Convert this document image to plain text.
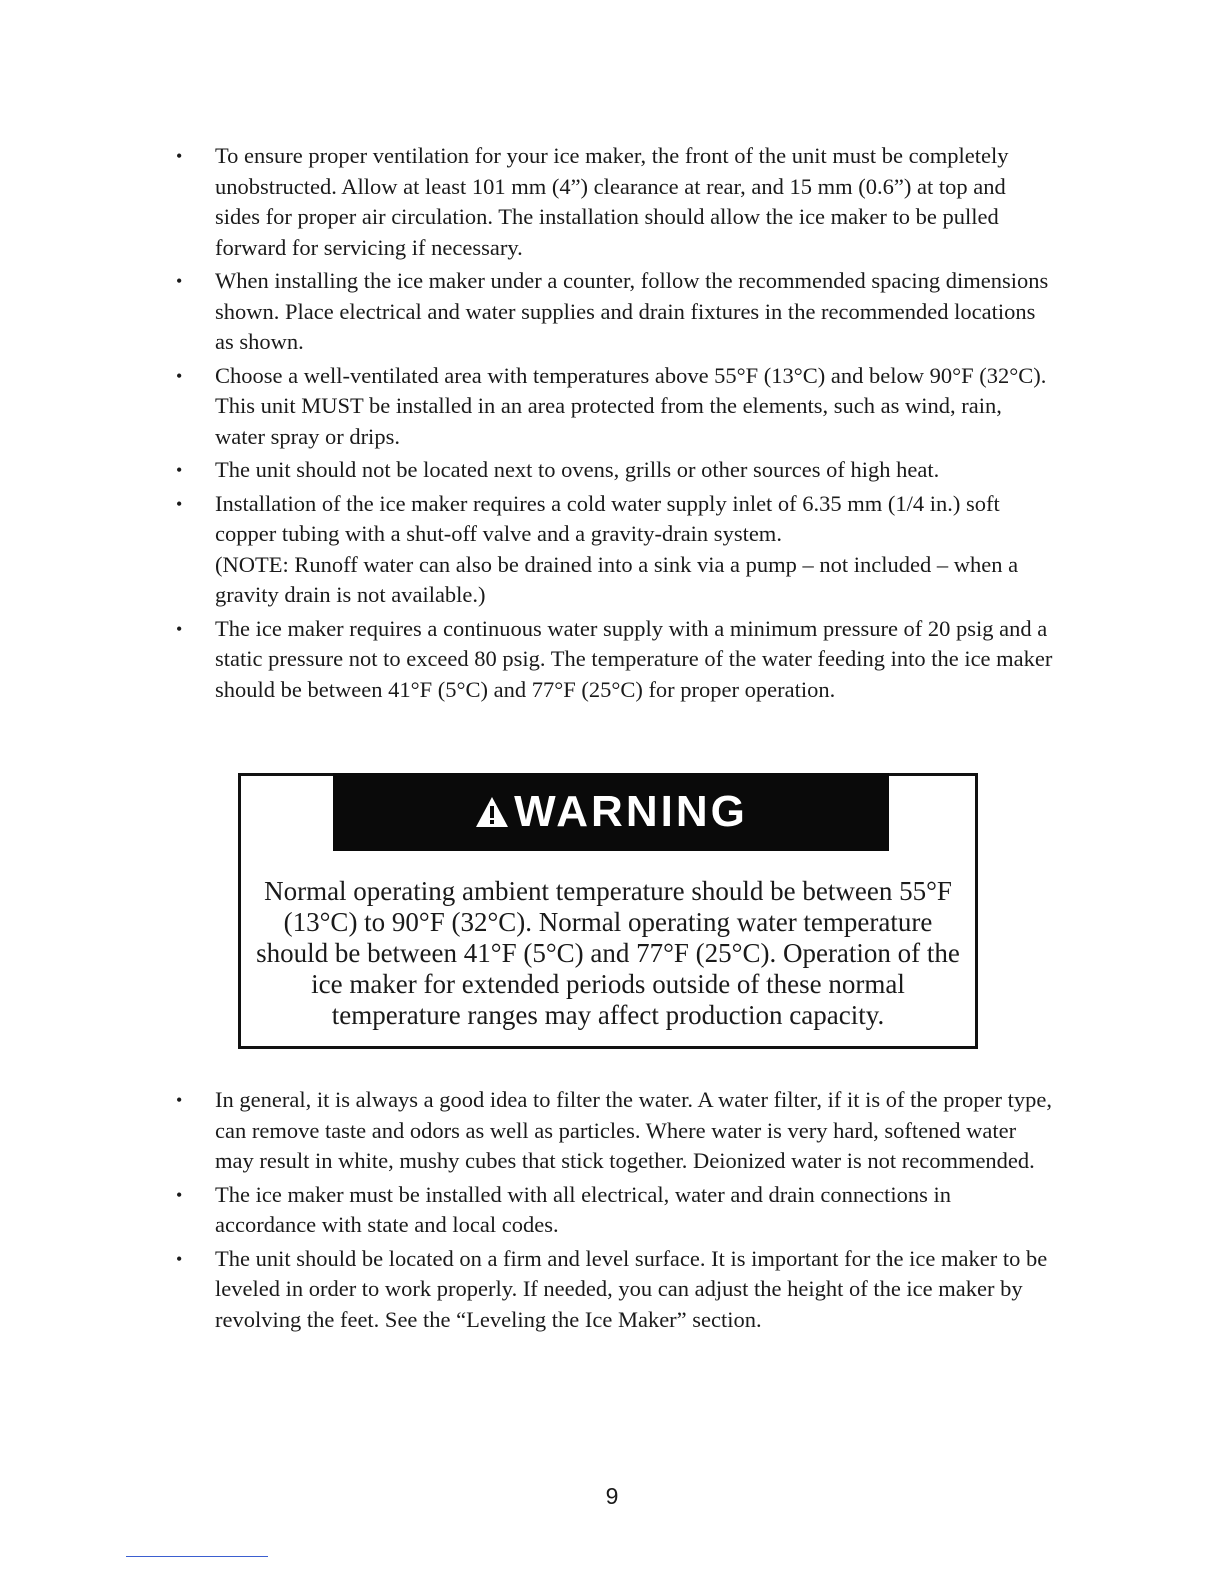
• To ensure proper ventilation for your ice maker, the front of the unit must be completely unobstructed. Allow at least 101 mm (4”) clearance at rear, and 15 mm (0.6”) at top and sides for proper air circulation. The installation should allow the ice maker to be pulled forward for servicing if necessary.
• When installing the ice maker under a counter, follow the recommended spacing dimensions shown. Place electrical and water supplies and drain fixtures in the recommended locations as shown.
• Choose a well-ventilated area with temperatures above 55°F (13°C) and below 90°F (32°C). This unit MUST be installed in an area protected from the elements, such as wind, rain, water spray or drips.
• The unit should not be located next to ovens, grills or other sources of high heat.
• Installation of the ice maker requires a cold water supply inlet of 6.35 mm (1/4 in.) soft copper tubing with a shut-off valve and a gravity-drain system.
(NOTE: Runoff water can also be drained into a sink via a pump – not included – when a gravity drain is not available.)
• The ice maker requires a continuous water supply with a minimum pressure of 20 psig and a static pressure not to exceed 80 psig. The temperature of the water feeding into the ice maker should be between 41°F (5°C) and 77°F (25°C) for proper operation.
WARNING
Normal operating ambient temperature should be between 55°F (13°C) to 90°F (32°C). Normal operating water temperature should be between 41°F (5°C) and 77°F (25°C). Operation of the ice maker for extended periods outside of these normal temperature ranges may affect production capacity.
• In general, it is always a good idea to filter the water. A water filter, if it is of the proper type, can remove taste and odors as well as particles. Where water is very hard, softened water may result in white, mushy cubes that stick together. Deionized water is not recommended.
• The ice maker must be installed with all electrical, water and drain connections in accordance with state and local codes.
• The unit should be located on a firm and level surface. It is important for the ice maker to be leveled in order to work properly. If needed, you can adjust the height of the ice maker by revolving the feet. See the “Leveling the Ice Maker” section.
9
